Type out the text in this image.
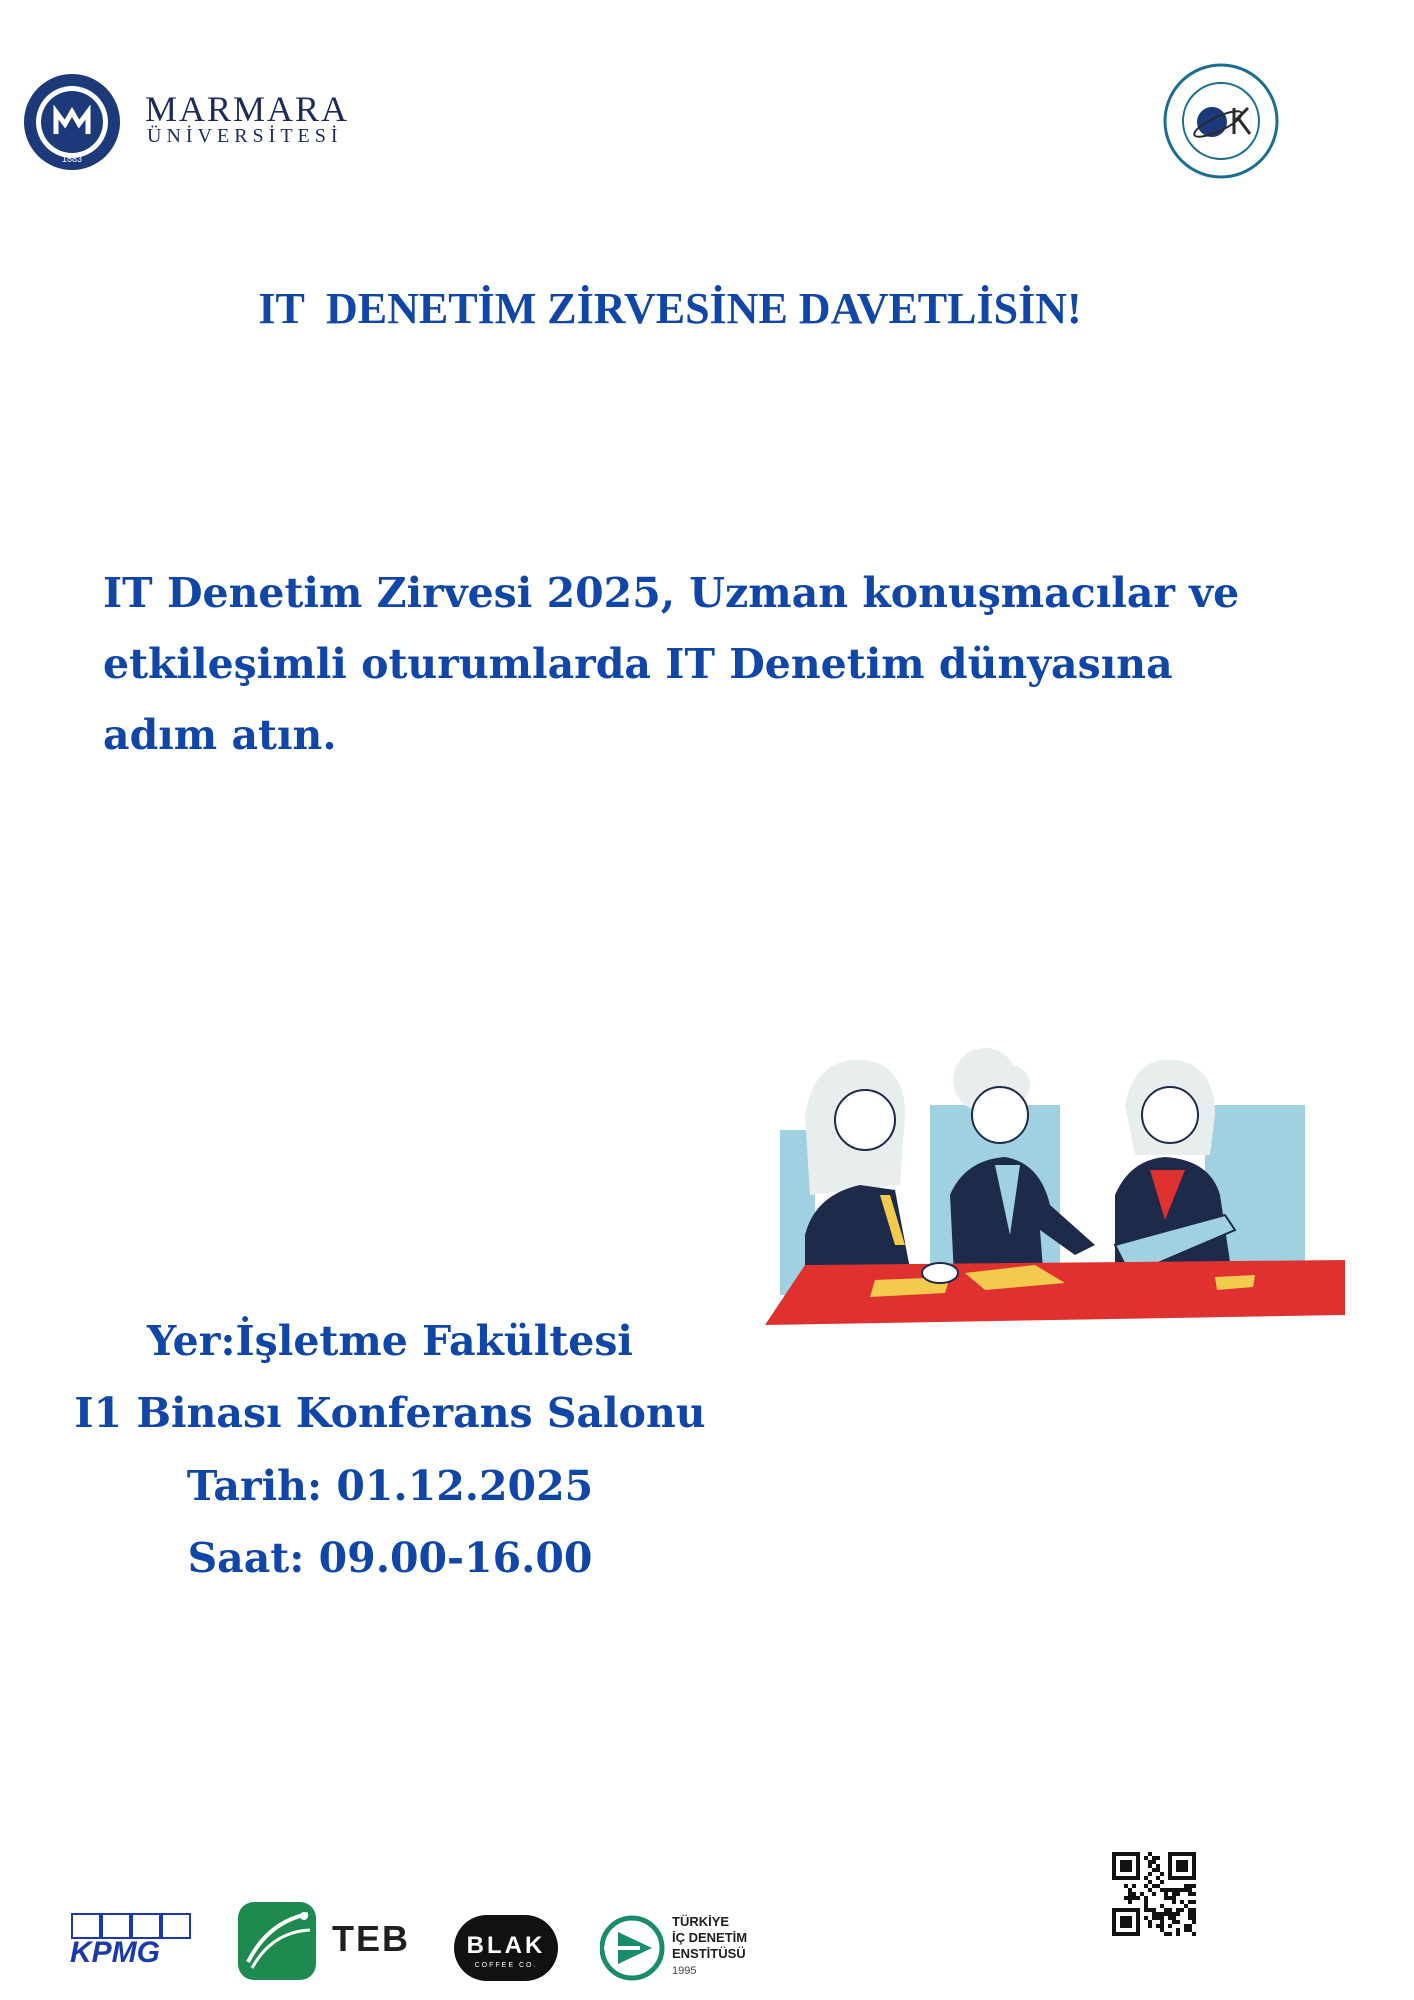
1883
MARMARA
ÜNİVERSİTESİ
IT  DENETİM ZİRVESİNE DAVETLİSİN!
IT Denetim Zirvesi 2025, Uzman konuşmacılar ve
etkileşimli oturumlarda IT Denetim dünyasına
adım atın.
Yer:İşletme Fakültesi
I1 Binası Konferans Salonu
Tarih: 01.12.2025
Saat: 09.00-16.00
KPMG	TEB BLAK
COFFEE CO.
TÜRKİYE
İÇ DENETİM
ENSTİTÜSÜ
1995
